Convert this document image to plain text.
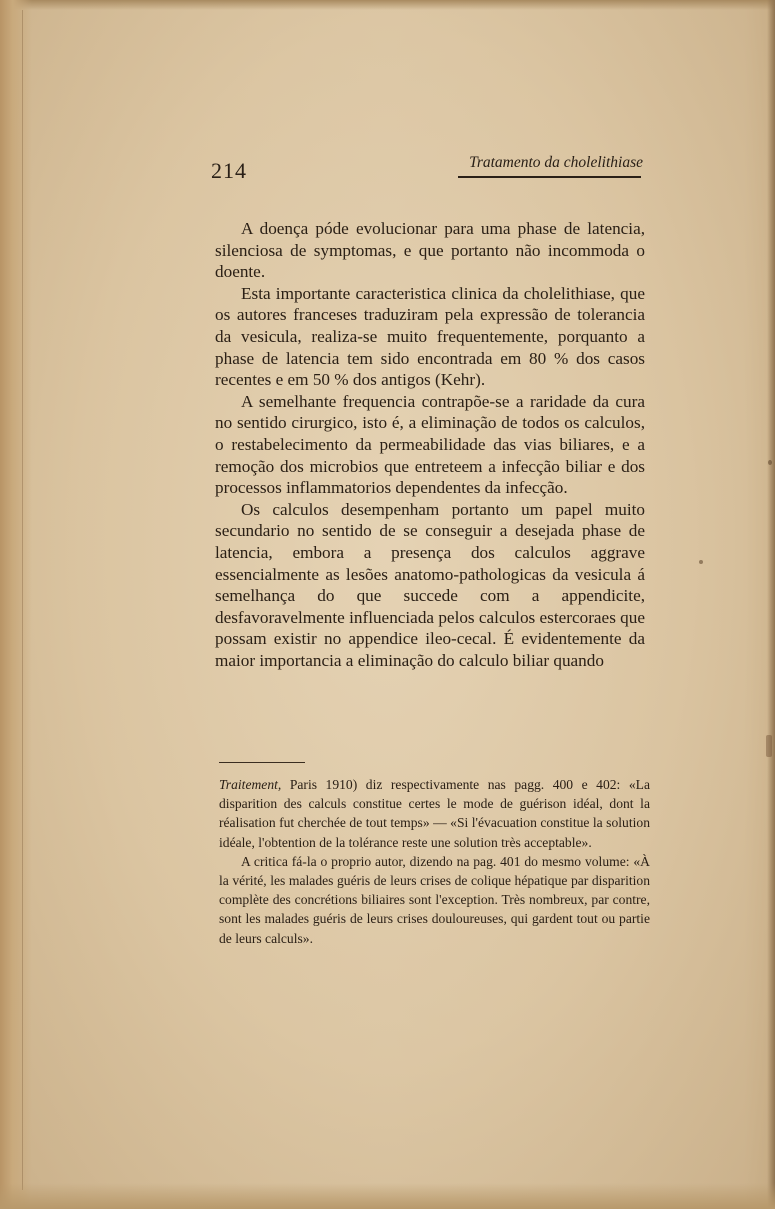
214	Tratamento da cholelithiase

A doença póde evolucionar para uma phase de latencia, silenciosa de symptomas, e que portanto não incommoda o doente.

Esta importante caracteristica clinica da cholelithiase, que os autores franceses traduziram pela expressão de tolerancia da vesicula, realiza-se muito frequentemente, porquanto a phase de latencia tem sido encontrada em 80 % dos casos recentes e em 50 % dos antigos (Kehr).

A semelhante frequencia contrapõe-se a raridade da cura no sentido cirurgico, isto é, a eliminação de todos os calculos, o restabelecimento da permeabilidade das vias biliares, e a remoção dos microbios que entreteem a infecção biliar e dos processos inflammatorios dependentes da infecção.

Os calculos desempenham portanto um papel muito secundario no sentido de se conseguir a desejada phase de latencia, embora a presença dos calculos aggrave essencialmente as lesões anatomo-pathologicas da vesicula á semelhança do que succede com a appendicite, desfavoravelmente influenciada pelos calculos estercoraes que possam existir no appendice ileo-cecal. É evidentemente da maior importancia a eliminação do calculo biliar quando

Traitement, Paris 1910) diz respectivamente nas pagg. 400 e 402: «La disparition des calculs constitue certes le mode de guérison idéal, dont la réalisation fut cherchée de tout temps» — «Si l'évacuation constitue la solution idéale, l'obtention de la tolérance reste une solution très acceptable».

A critica fá-la o proprio autor, dizendo na pag. 401 do mesmo volume: «À la vérité, les malades guéris de leurs crises de colique hépatique par disparition complète des concrétions biliaires sont l'exception. Très nombreux, par contre, sont les malades guéris de leurs crises douloureuses, qui gardent tout ou partie de leurs calculs».
